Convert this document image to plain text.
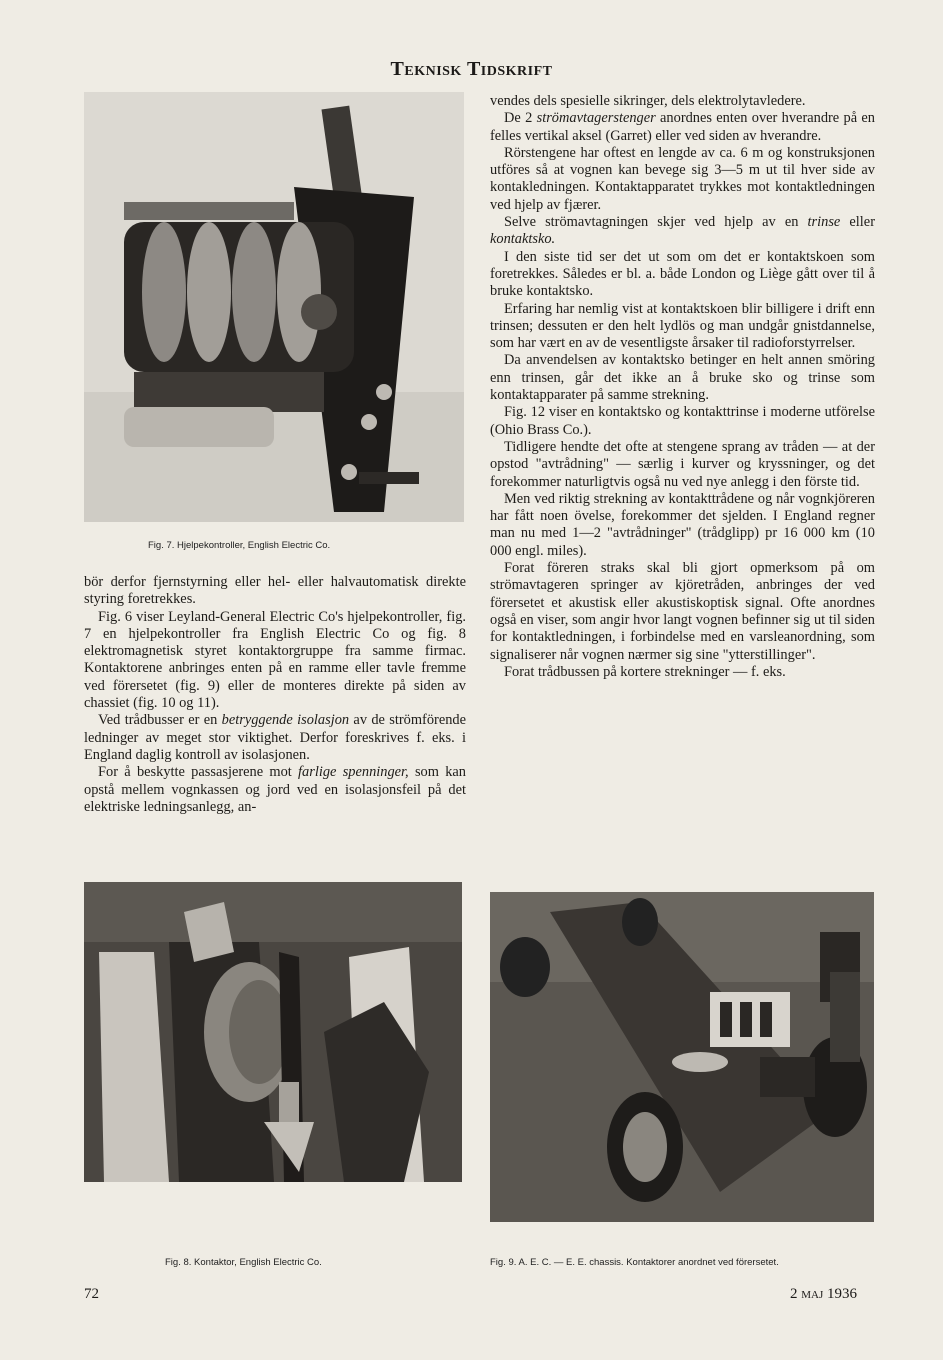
Teknisk Tidskrift
Fig. 7. Hjelpekontroller, English Electric Co.

bör derfor fjernstyrning eller hel- eller halvautomatisk direkte styring foretrekkes.

Fig. 6 viser Leyland-General Electric Co's hjelpekontroller, fig. 7 en hjelpekontroller fra English Electric Co og fig. 8 elektromagnetisk styret kontaktorgruppe fra samme firmac. Kontaktorene anbringes enten på en ramme eller tavle fremme ved förersetet (fig. 9) eller de monteres direkte på siden av chassiet (fig. 10 og 11).

Ved trådbusser er en betryggende isolasjon av de strömförende ledninger av meget stor viktighet. Derfor foreskrives f. eks. i England daglig kontroll av isolasjonen.

For å beskytte passasjerene mot farlige spenninger, som kan opstå mellem vognkassen og jord ved en isolasjonsfeil på det elektriske ledningsanlegg, an-

vendes dels spesielle sikringer, dels elektrolytavledere.

De 2 strömavtagerstenger anordnes enten over hverandre på en felles vertikal aksel (Garret) eller ved siden av hverandre.

Rörstengene har oftest en lengde av ca. 6 m og konstruksjonen utföres så at vognen kan bevege sig 3—5 m ut til hver side av kontakledningen. Kontaktapparatet trykkes mot kontaktledningen ved hjelp av fjærer.

Selve strömavtagningen skjer ved hjelp av en trinse eller kontaktsko.

I den siste tid ser det ut som om det er kontaktskoen som foretrekkes. Således er bl. a. både London og Liège gått over til å bruke kontaktsko.

Erfaring har nemlig vist at kontaktskoen blir billigere i drift enn trinsen; dessuten er den helt lydlös og man undgår gnistdannelse, som har vært en av de vesentligste årsaker til radioforstyrrelser.

Da anvendelsen av kontaktsko betinger en helt annen smöring enn trinsen, går det ikke an å bruke sko og trinse som kontaktapparater på samme strekning.

Fig. 12 viser en kontaktsko og kontakttrinse i moderne utförelse (Ohio Brass Co.).

Tidligere hendte det ofte at stengene sprang av tråden — at der opstod "avtrådning" — særlig i kurver og kryssninger, og det forekommer naturligtvis også nu ved nye anlegg i den förste tid.

Men ved riktig strekning av kontakttrådene og når vognkjöreren har fått noen övelse, forekommer det sjelden. I England regner man nu med 1—2 "avtrådninger" (trådglipp) pr 16 000 km (10 000 engl. miles).

Forat föreren straks skal bli gjort opmerksom på om strömavtageren springer av kjöretråden, anbringes der ved förersetet et akustisk eller akustiskoptisk signal. Ofte anordnes også en viser, som angir hvor langt vognen befinner sig ut til siden for kontaktledningen, i forbindelse med en varsleanordning, som signaliserer når vognen nærmer sig sine "ytterstillinger".

Forat trådbussen på kortere strekninger — f. eks.

Fig. 8. Kontaktor, English Electric Co.	Fig. 9. A. E. C. — E. E. chassis. Kontaktorer anordnet ved förersetet.
72	2 maj 1936
